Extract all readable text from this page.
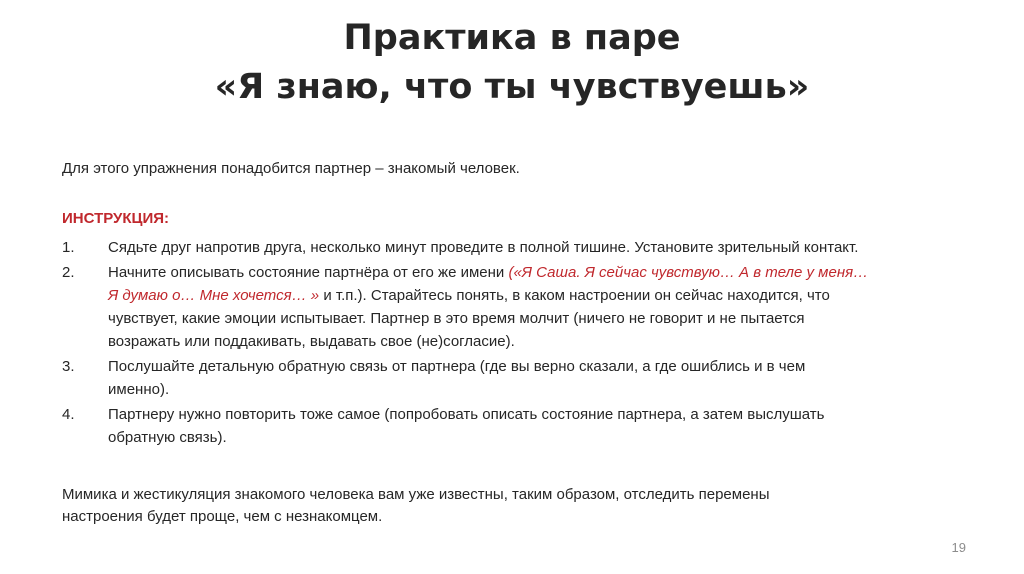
Практика в паре
«Я знаю, что ты чувствуешь»
Для этого упражнения понадобится партнер – знакомый человек.
ИНСТРУКЦИЯ:
1. Сядьте друг напротив друга, несколько минут проведите в полной тишине. Установите зрительный контакт.
2. Начните описывать состояние партнёра от его же имени («Я Саша. Я сейчас чувствую… А в теле у меня…
Я думаю о… Мне хочется… » и т.п.). Старайтесь понять, в каком настроении он сейчас находится, что
чувствует, какие эмоции испытывает. Партнер в это время молчит (ничего не говорит и не пытается
возражать или поддакивать, выдавать свое (не)согласие).
3. Послушайте детальную обратную связь от партнера (где вы верно сказали, а где ошиблись и в чем
именно).
4. Партнеру нужно повторить тоже самое (попробовать описать состояние партнера, а затем выслушать
обратную связь).
Мимика и жестикуляция знакомого человека вам уже известны, таким образом, отследить перемены
настроения будет проще, чем с незнакомцем.
19
